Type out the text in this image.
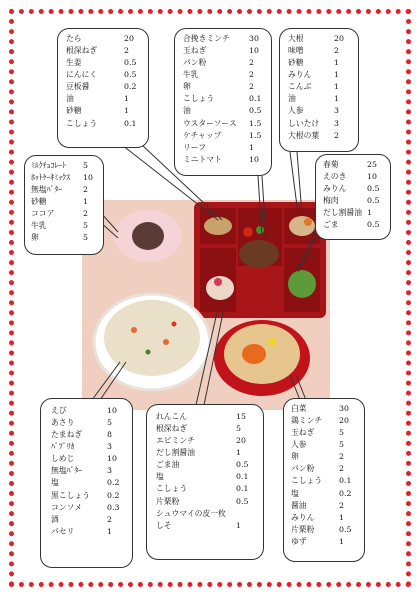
たら	20
根深ねぎ	2
生姜	0.5
にんにく	0.5
豆板醤	0.2
油	1
砂糖	1
こしょう	0.1
合挽きミンチ	30
玉ねぎ	10
パン粉	2
牛乳	2
卵	2
こしょう	0.1
油	0.5
ウスターソース	1.5
ケチャップ	1.5
リーフ	1
ミニトマト	10
大根	20
味噌	2
砂糖	1
みりん	1
こんぶ	1
油	1
人参	3
しいたけ	3
大根の葉	2
ﾐﾙｸﾁｮｺﾚｰﾄ	5
ﾎｯﾄｹｰｷﾐｯｸｽ	10
無塩ﾊﾞﾀｰ	2
砂糖	1
ココア	2
牛乳	5
卵	5
春菊	25
えのき	10
みりん	0.5
梅肉	0.5
だし割醤油 1
ごま	0.5
えび	10
あさり	5
たまねぎ	8
ﾊﾞﾌﾟﾘｶ	3
しめじ	10
無塩ﾊﾞﾀｰ	3
塩	0.2
黒こしょう	0.2
コンソメ	0.3
酒	2
パセリ	1
れんこん	15
根深ねぎ	5
エビミンチ	20
だし割醤油	1
ごま油	0.5
塩	0.1
こしょう	0.1
片栗粉	0.5
シュウマイの皮一枚
しそ	1
白菜	30
鶏ミンチ	20
玉ねぎ	5
人参	5
卵	2
パン粉	2
こしょう	0.1
塩	0.2
醤油	2
みりん	1
片栗粉	0.5
ゆず	1
